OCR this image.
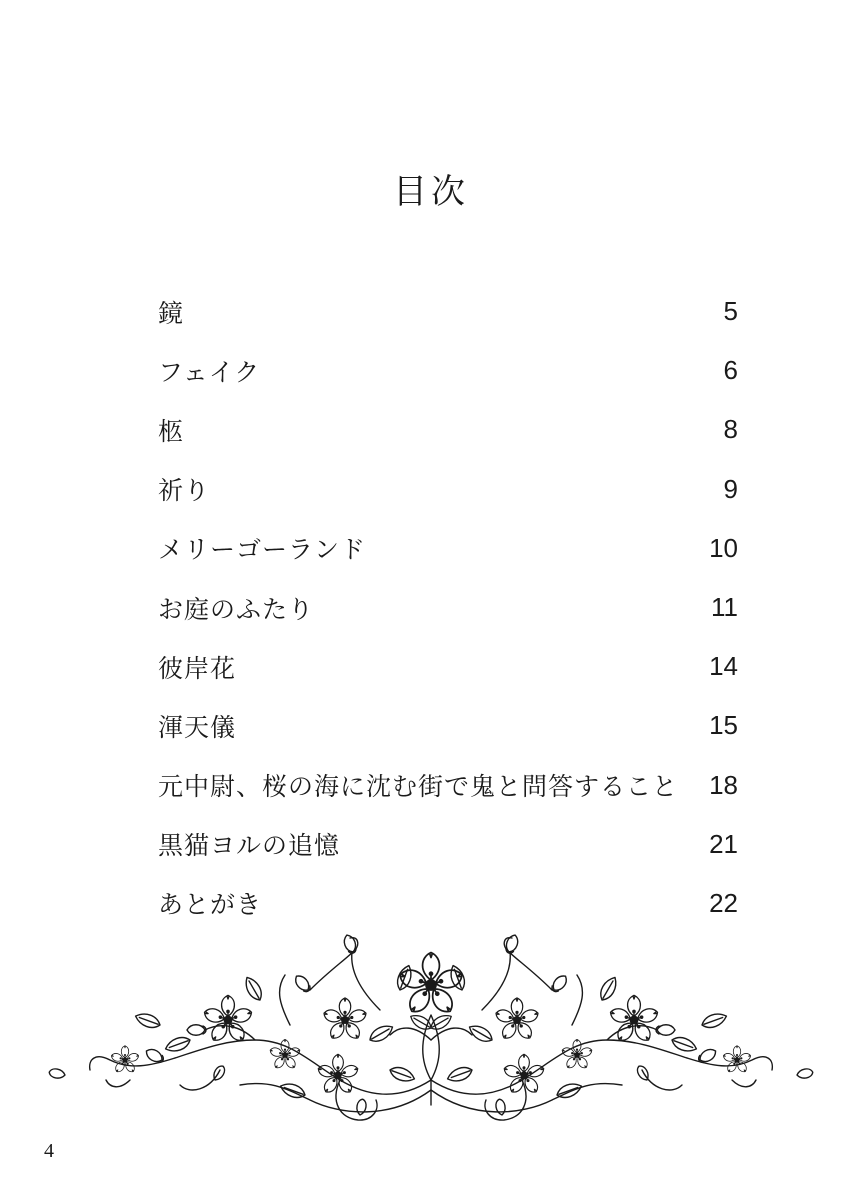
目次
鏡	5
フェイク	6
柩	8
祈り	9
メリーゴーランド	10
お庭のふたり	11
彼岸花	14
渾天儀	15
元中尉、桜の海に沈む街で鬼と問答すること	18
黒猫ヨルの追憶	21
あとがき	22
4
